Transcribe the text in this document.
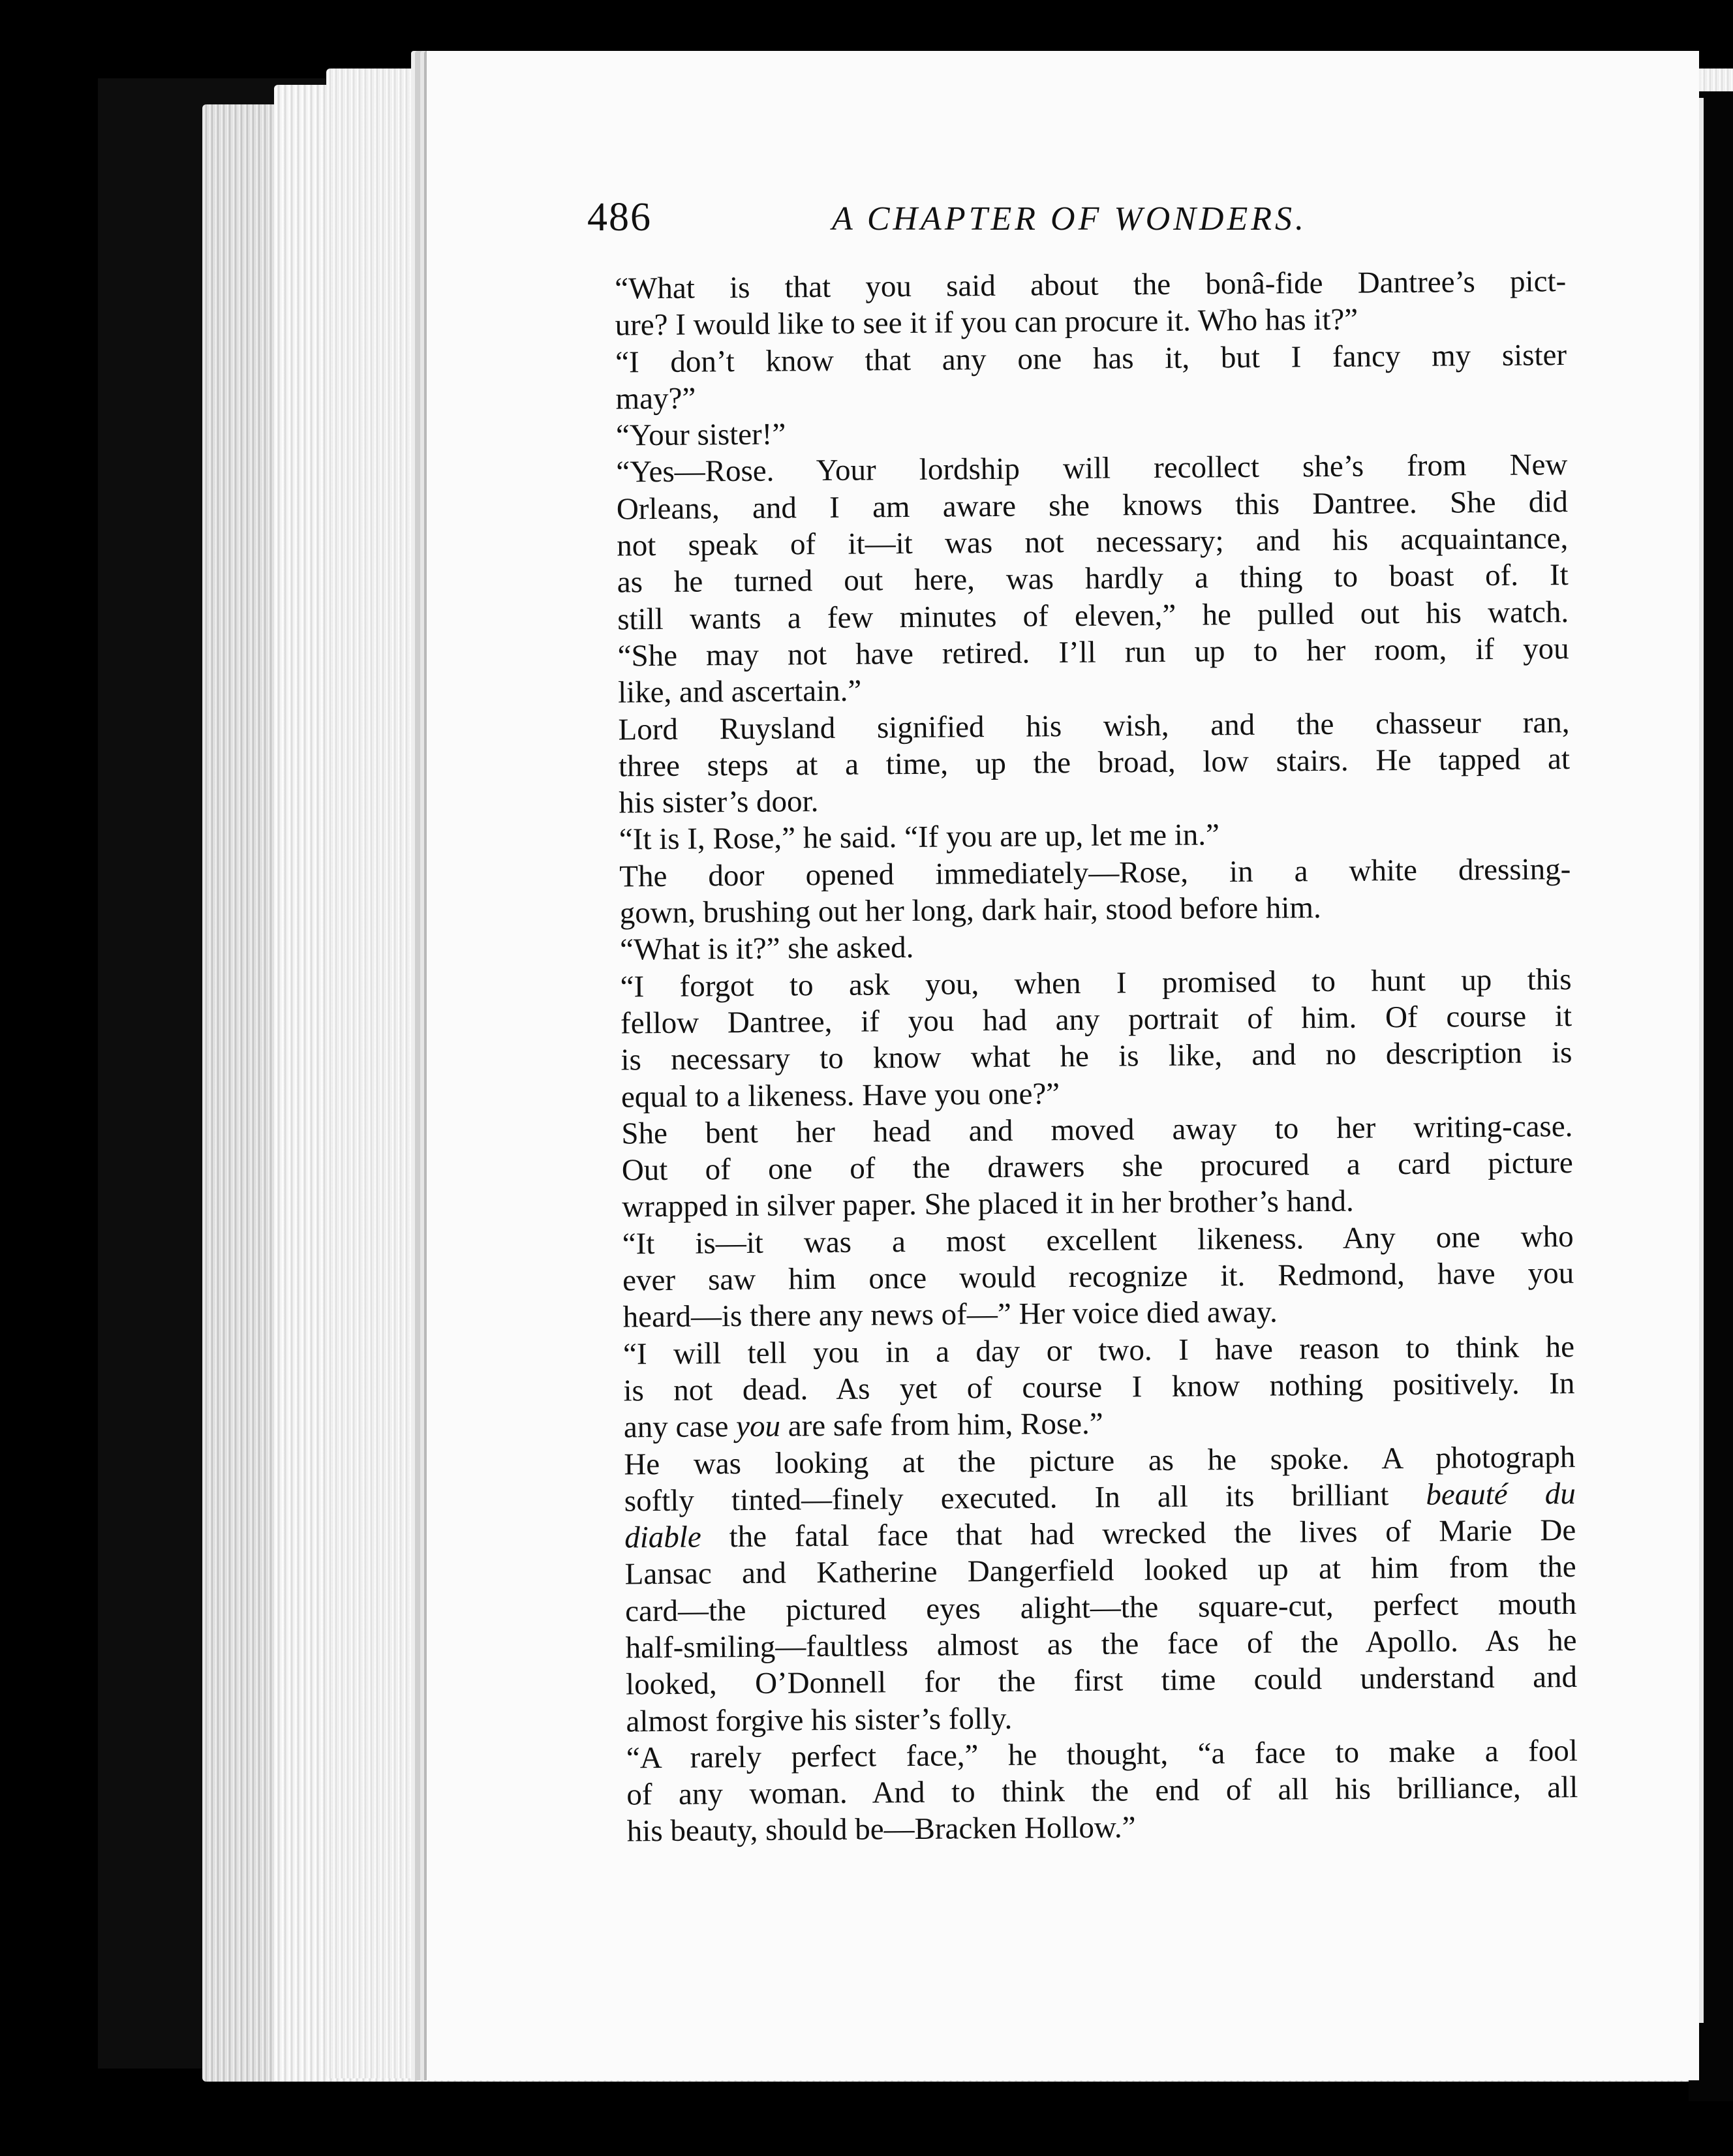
486	A CHAPTER OF WONDERS.

“What is that you said about the bonâ-fide Dantree’s pict-
ure? I would like to see it if you can procure it. Who has it?”

“I don’t know that any one has it, but I fancy my sister
may?”

“Your sister!”

“Yes—Rose. Your lordship will recollect she’s from New
Orleans, and I am aware she knows this Dantree. She did
not speak of it—it was not necessary; and his acquaintance,
as he turned out here, was hardly a thing to boast of. It
still wants a few minutes of eleven,” he pulled out his watch.
“She may not have retired. I’ll run up to her room, if you
like, and ascertain.”

Lord Ruysland signified his wish, and the chasseur ran,
three steps at a time, up the broad, low stairs. He tapped at
his sister’s door.

“It is I, Rose,” he said. “If you are up, let me in.”

The door opened immediately—Rose, in a white dressing-
gown, brushing out her long, dark hair, stood before him.

“What is it?” she asked.

“I forgot to ask you, when I promised to hunt up this
fellow Dantree, if you had any portrait of him. Of course it
is necessary to know what he is like, and no description is
equal to a likeness. Have you one?”

She bent her head and moved away to her writing-case.
Out of one of the drawers she procured a card picture
wrapped in silver paper. She placed it in her brother’s hand.

“It is—it was a most excellent likeness. Any one who
ever saw him once would recognize it. Redmond, have you
heard—is there any news of—” Her voice died away.

“I will tell you in a day or two. I have reason to think he
is not dead. As yet of course I know nothing positively. In
any case you are safe from him, Rose.”

He was looking at the picture as he spoke. A photograph
softly tinted—finely executed. In all its brilliant beauté du
diable the fatal face that had wrecked the lives of Marie De
Lansac and Katherine Dangerfield looked up at him from the
card—the pictured eyes alight—the square-cut, perfect mouth
half-smiling—faultless almost as the face of the Apollo. As he
looked, O’Donnell for the first time could understand and
almost forgive his sister’s folly.

“A rarely perfect face,” he thought, “a face to make a fool
of any woman. And to think the end of all his brilliance, all
his beauty, should be—Bracken Hollow.”
